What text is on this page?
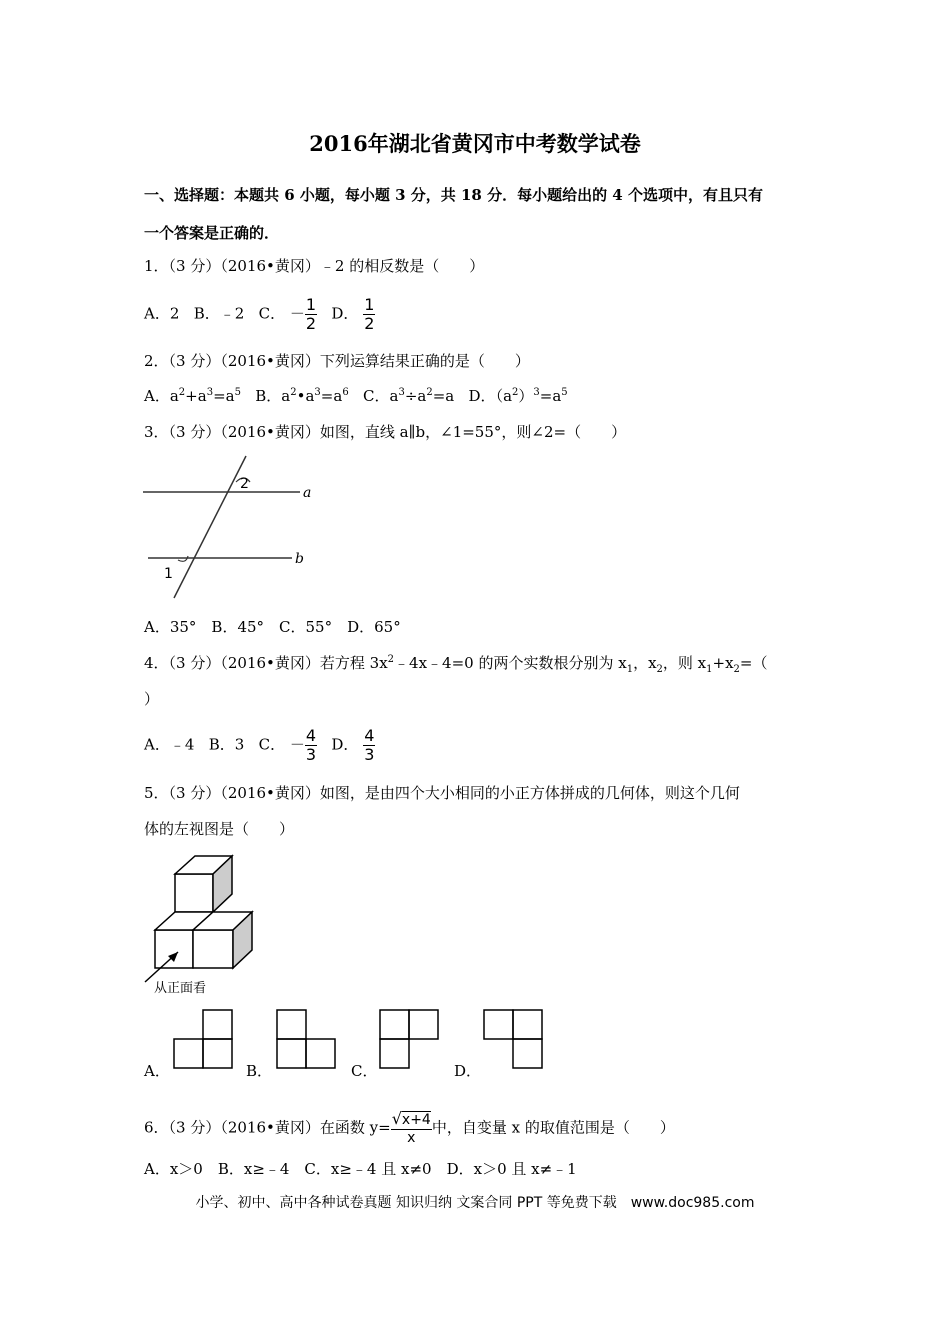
2016年湖北省黄冈市中考数学试卷
一、选择题：本题共 6 小题，每小题 3 分，共 18 分．每小题给出的 4 个选项中，有且只有
一个答案是正确的．
1．（3 分）（2016•黄冈）﹣2 的相反数是（　　）
A．2 B．﹣2 C． － $\frac{1}{2}$ D． $\frac{1}{2}$
2．（3 分）（2016•黄冈）下列运算结果正确的是（　　）
A．$a^2+a^3=a^5$ B．$a^2•a^3=a^6$ C．$a^3\div a^2=a$   D．$(a^2)^3=a^5$
3．（3 分）（2016•黄冈）如图，直线 a∥b，∠1=55°，则∠2=（　　）
2
1
a
b
A．35°　B．45°　C．55°　D．65°
4．（3 分）（2016•黄冈）若方程 $3x^2﹣4x﹣4=0$ 的两个实数根分别为 $x_1$，$x_2$，则 $x_1+x_2=$（
）
A．﹣4 B．3 C． － $\frac{4}{3}$ D． $\frac{4}{3}$
5．（3 分）（2016•黄冈）如图，是由四个大小相同的小正方体拼成的几何体，则这个几何
体的左视图是（　　）
从正面看
A．	B．	C．	D．
6．（3 分）（2016•黄冈）在函数 $y= \frac{√x+4}{x}$ 中，自变量 x 的取值范围是（　　）
A．x＞0　B．x≥﹣4　C．x≥﹣4 且 x≠0　D．x＞0 且 x≠﹣1
小学、初中、高中各种试卷真题 知识归纳 文案合同 PPT 等免费下载　www.doc985.com
